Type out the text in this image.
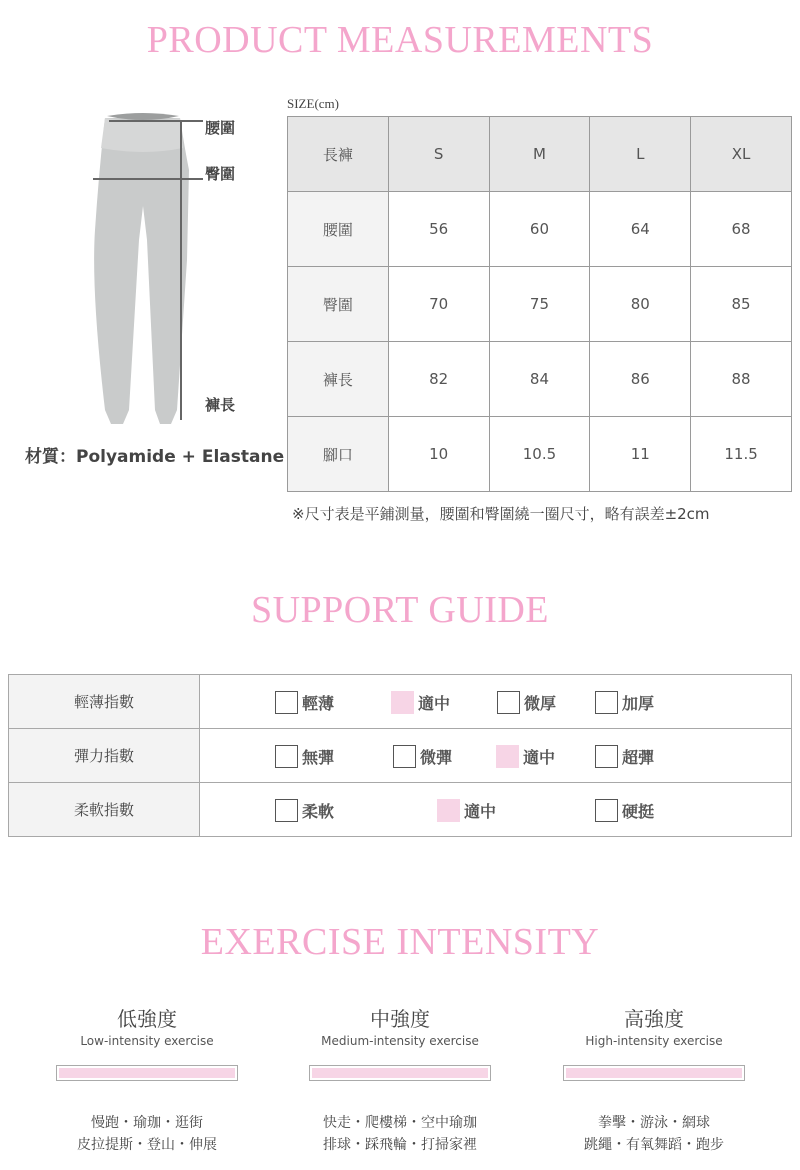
PRODUCT MEASUREMENTS
腰圍
臀圍
褲長
材質：Polyamide + Elastane
SIZE(cm)
長褲	S	M	L	XL
腰圍	56	60	64	68
臀圍	70	75	80	85
褲長	82	84	86	88
腳口	10	10.5	11	11.5
※尺寸表是平鋪測量，腰圍和臀圍繞一圈尺寸，略有誤差±2cm
SUPPORT GUIDE
輕薄指數	輕薄 適中 微厚 加厚

彈力指數	無彈 微彈 適中 超彈

柔軟指數	柔軟 適中 硬挺
EXERCISE INTENSITY
低強度
Low-intensity exercise
慢跑・瑜珈・逛街
皮拉提斯・登山・伸展
中強度
Medium-intensity exercise
快走・爬樓梯・空中瑜珈
排球・踩飛輪・打掃家裡
高強度
High-intensity exercise
拳擊・游泳・網球
跳繩・有氧舞蹈・跑步
